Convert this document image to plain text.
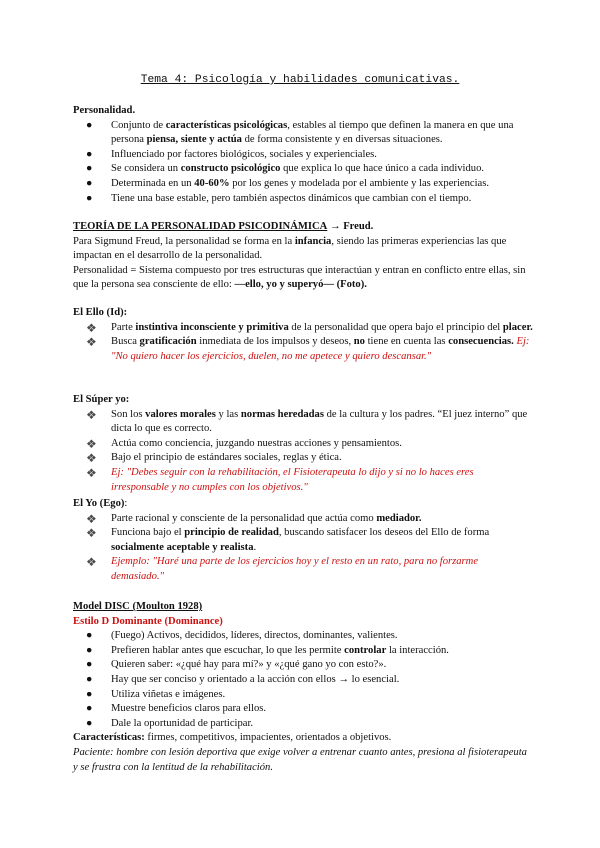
Tema 4: Psicología y habilidades comunicativas.

Personalidad.

● Conjunto de características psicológicas, estables al tiempo que definen la manera en que una persona piensa, siente y actúa de forma consistente y en diversas situaciones.
● Influenciado por factores biológicos, sociales y experienciales.
● Se considera un constructo psicológico que explica lo que hace único a cada individuo.
● Determinada en un 40-60% por los genes y modelada por el ambiente y las experiencias.
● Tiene una base estable, pero también aspectos dinámicos que cambian con el tiempo.

TEORÍA DE LA PERSONALIDAD PSICODINÁMICA → Freud.

Para Sigmund Freud, la personalidad se forma en la infancia, siendo las primeras experiencias las que impactan en el desarrollo de la personalidad.

Personalidad = Sistema compuesto por tres estructuras que interactúan y entran en conflicto entre ellas, sin que la persona sea consciente de ello: —ello, yo y superyó— (Foto).

El Ello (Id):

❖ Parte instintiva inconsciente y primitiva de la personalidad que opera bajo el principio del placer.
❖ Busca gratificación inmediata de los impulsos y deseos, no tiene en cuenta las consecuencias. Ej: "No quiero hacer los ejercicios, duelen, no me apetece y quiero descansar."

El Súper yo:

❖ Son los valores morales y las normas heredadas de la cultura y los padres. “El juez interno” que dicta lo que es correcto.
❖ Actúa como conciencia, juzgando nuestras acciones y pensamientos.
❖ Bajo el principio de estándares sociales, reglas y ética.
❖ Ej: "Debes seguir con la rehabilitación, el Fisioterapeuta lo dijo y si no lo haces eres irresponsable y no cumples con los objetivos."

El Yo (Ego):

❖ Parte racional y consciente de la personalidad que actúa como mediador.
❖ Funciona bajo el principio de realidad, buscando satisfacer los deseos del Ello de forma socialmente aceptable y realista.
❖ Ejemplo: "Haré una parte de los ejercicios hoy y el resto en un rato, para no forzarme demasiado."

Model DISC (Moulton 1928)

Estilo D Dominante (Dominance)

● (Fuego) Activos, decididos, líderes, directos, dominantes, valientes.
● Prefieren hablar antes que escuchar, lo que les permite controlar la interacción.
● Quieren saber: «¿qué hay para mí?» y «¿qué gano yo con esto?».
● Hay que ser conciso y orientado a la acción con ellos → lo esencial.
● Utiliza viñetas e imágenes.
● Muestre beneficios claros para ellos.
● Dale la oportunidad de participar.

Características: firmes, competitivos, impacientes, orientados a objetivos.

Paciente: hombre con lesión deportiva que exige volver a entrenar cuanto antes, presiona al fisioterapeuta y se frustra con la lentitud de la rehabilitación.
